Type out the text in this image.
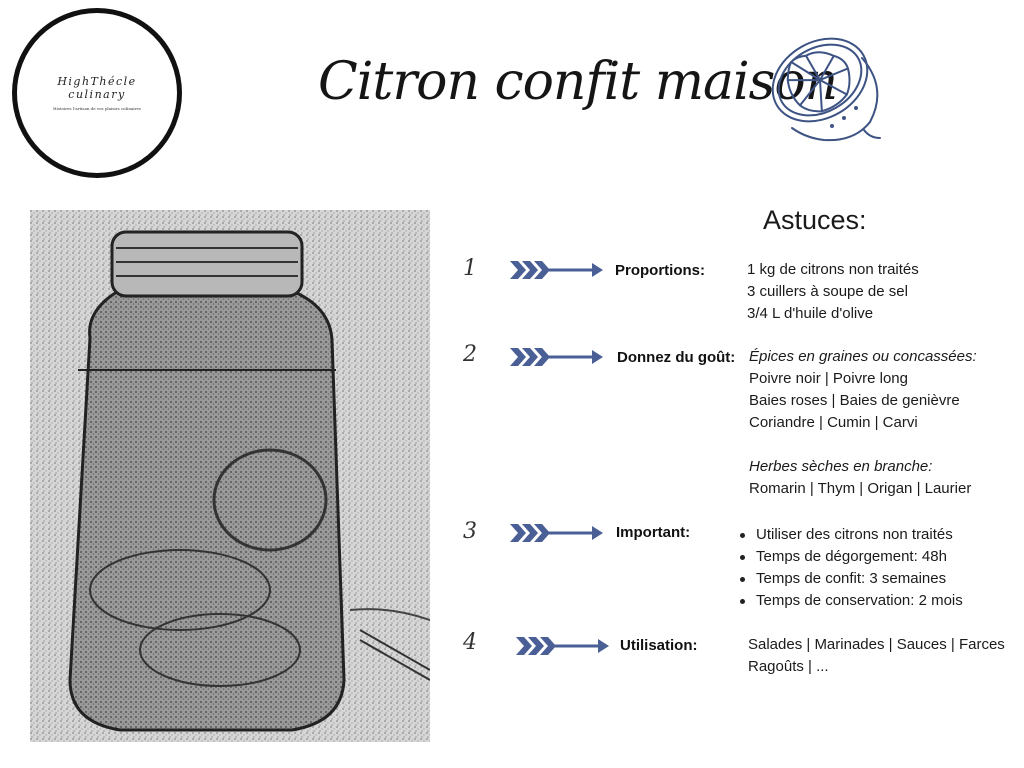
HighThécle
culinary
Histoires l'artisan de vos plaisirs culinaires	Citron confit maison
Astuces:
1	Proportions:	1 kg de citrons non traités
3 cuillers à soupe de sel
3/4 L d'huile d'olive
2	Donnez du goût: Épices en graines ou concassées:
Poivre noir | Poivre long
Baies roses | Baies de genièvre
Coriandre | Cumin | Carvi
Herbes sèches en branche:
Romarin | Thym | Origan | Laurier
3	Important:	Utiliser des citrons non traités
Temps de dégorgement: 48h
Temps de confit: 3 semaines
Temps de conservation: 2 mois
4	Utilisation:	Salades | Marinades | Sauces | Farces
Ragoûts | ...
